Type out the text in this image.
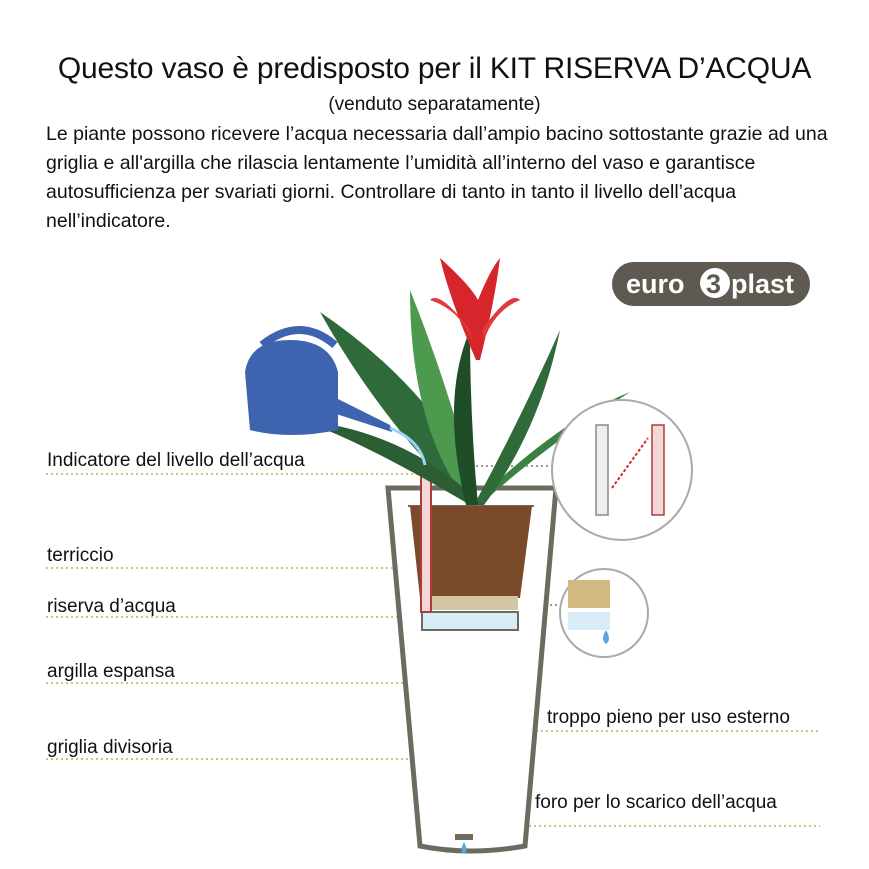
Questo vaso è predisposto per il KIT RISERVA D’ACQUA
(venduto separatamente)
Le piante possono ricevere l’acqua necessaria dall’ampio bacino sottostante grazie ad una griglia e all'argilla che rilascia lentamente l’umidità all’interno del vaso e garantisce autosufficienza per svariati giorni. Controllare di tanto in tanto il livello dell’acqua nell’indicatore.
euro 3 plast
Indicatore del livello dell’acqua
terriccio
riserva d’acqua
argilla espansa
griglia divisoria
troppo pieno per uso esterno
foro per lo scarico dell’acqua
